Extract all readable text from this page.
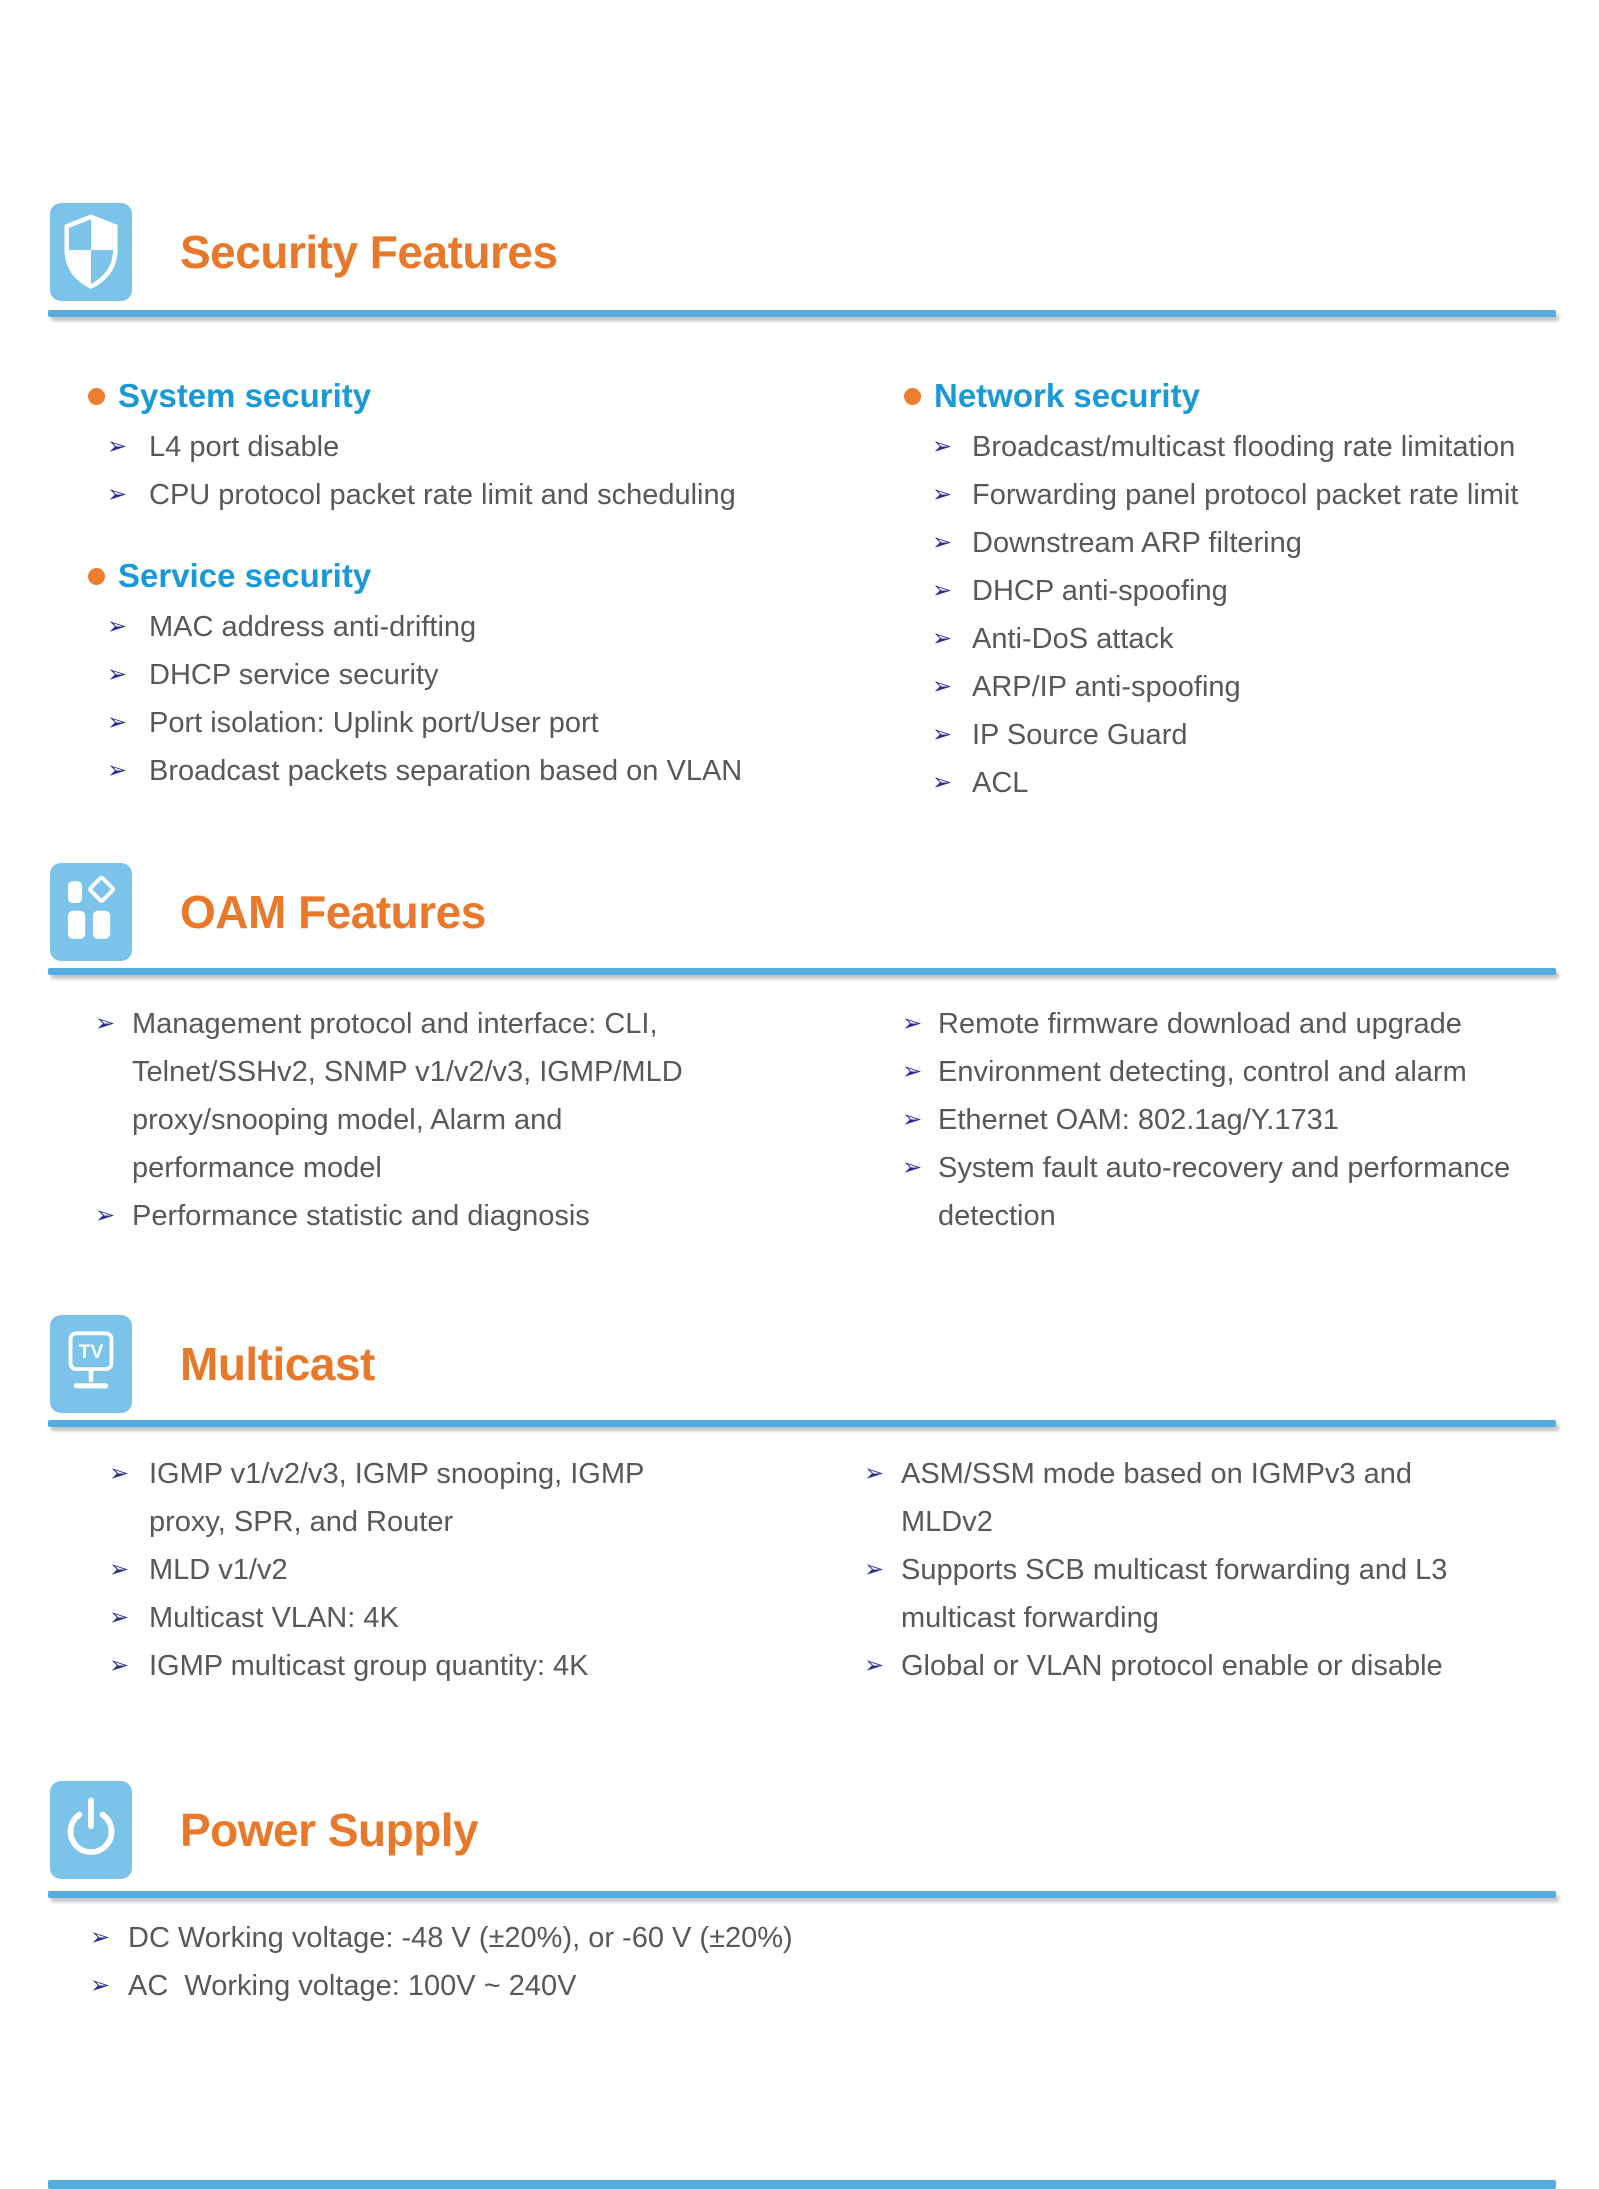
Security Features
System security
➢ L4 port disable
➢ CPU protocol packet rate limit and scheduling
Service security
➢ MAC address anti-drifting
➢ DHCP service security
➢ Port isolation: Uplink port/User port
➢ Broadcast packets separation based on VLAN
Network security
➢ Broadcast/multicast flooding rate limitation
➢ Forwarding panel protocol packet rate limit
➢ Downstream ARP filtering
➢ DHCP anti-spoofing
➢ Anti-DoS attack
➢ ARP/IP anti-spoofing
➢ IP Source Guard
➢ ACL
OAM Features
➢ Management protocol and interface: CLI, Telnet/SSHv2, SNMP v1/v2/v3, IGMP/MLD proxy/snooping model, Alarm and performance model
➢ Performance statistic and diagnosis
➢ Remote firmware download and upgrade
➢ Environment detecting, control and alarm
➢ Ethernet OAM: 802.1ag/Y.1731
➢ System fault auto-recovery and performance detection
TV Multicast
➢ IGMP v1/v2/v3, IGMP snooping, IGMP proxy, SPR, and Router
➢ MLD v1/v2
➢ Multicast VLAN: 4K
➢ IGMP multicast group quantity: 4K
➢ ASM/SSM mode based on IGMPv3 and MLDv2
➢ Supports SCB multicast forwarding and L3 multicast forwarding
➢ Global or VLAN protocol enable or disable
Power Supply
➢ DC Working voltage: -48 V (±20%), or -60 V (±20%)
➢ AC  Working voltage: 100V ~ 240V
